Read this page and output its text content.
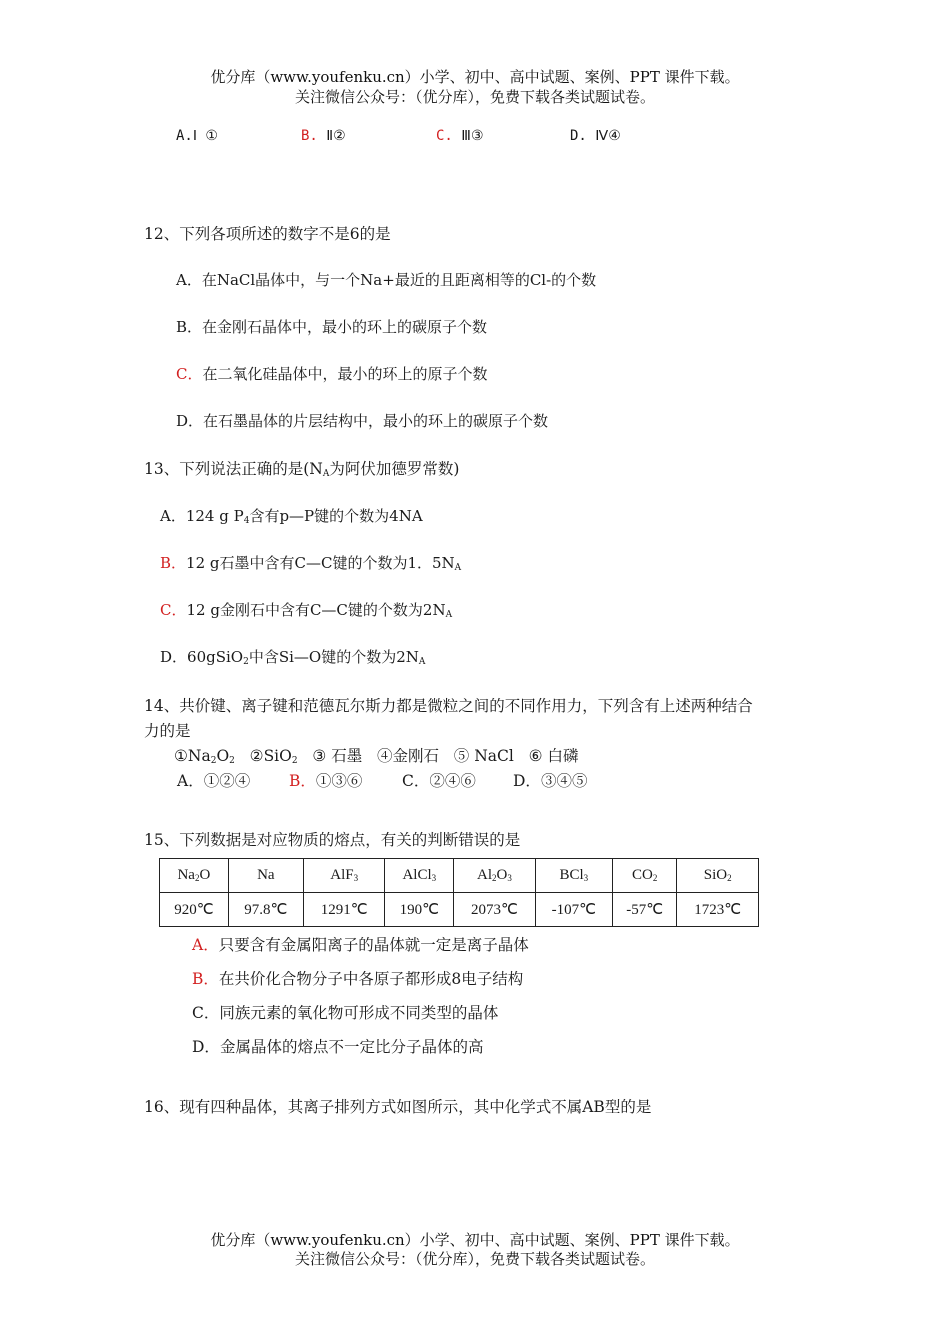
优分库（www.youfenku.cn）小学、初中、高中试题、案例、PPT 课件下载。
关注微信公众号：（优分库），免费下载各类试题试卷。
A.Ⅰ ①	B. Ⅱ②	C. Ⅲ③	D. Ⅳ④
12、下列各项所述的数字不是6的是
A．在NaCl晶体中，与一个Na+最近的且距离相等的Cl-的个数
B．在金刚石晶体中，最小的环上的碳原子个数
C．在二氧化硅晶体中，最小的环上的原子个数
D．在石墨晶体的片层结构中，最小的环上的碳原子个数
13、下列说法正确的是($N_A$为阿伏加德罗常数)
A．124 g $P_4$含有p—P键的个数为4NA
B．12 g石墨中含有C—C键的个数为1．$5N_A$
C．12 g金刚石中含有C—C键的个数为$2N_A$
D．60gSiO$_2$中含Si—O键的个数为$2N_A$
14、共价键、离子键和范德瓦尔斯力都是微粒之间的不同作用力，下列含有上述两种结合
力的是
$①Na_2O_2$ ②SiO$_2$ ③ 石墨 ④金刚石 ⑤ NaCl ⑥ 白磷
A．①②④	B．①③⑥	C．②④⑥ D．③④⑤
15、下列数据是对应物质的熔点，有关的判断错误的是
$Na_2O$	Na	AlF$_3$	AlCl$_3$	$Al_2O_3$	BCl$_3$	$CO_2$	SiO$_2$
920℃	97.8℃	1291℃	190℃	2073℃	-107℃	-57℃	1723℃
A．只要含有金属阳离子的晶体就一定是离子晶体
B．在共价化合物分子中各原子都形成8电子结构
C．同族元素的氧化物可形成不同类型的晶体
D．金属晶体的熔点不一定比分子晶体的高
16、现有四种晶体，其离子排列方式如图所示，其中化学式不属AB型的是
优分库（www.youfenku.cn）小学、初中、高中试题、案例、PPT 课件下载。
关注微信公众号：（优分库），免费下载各类试题试卷。
